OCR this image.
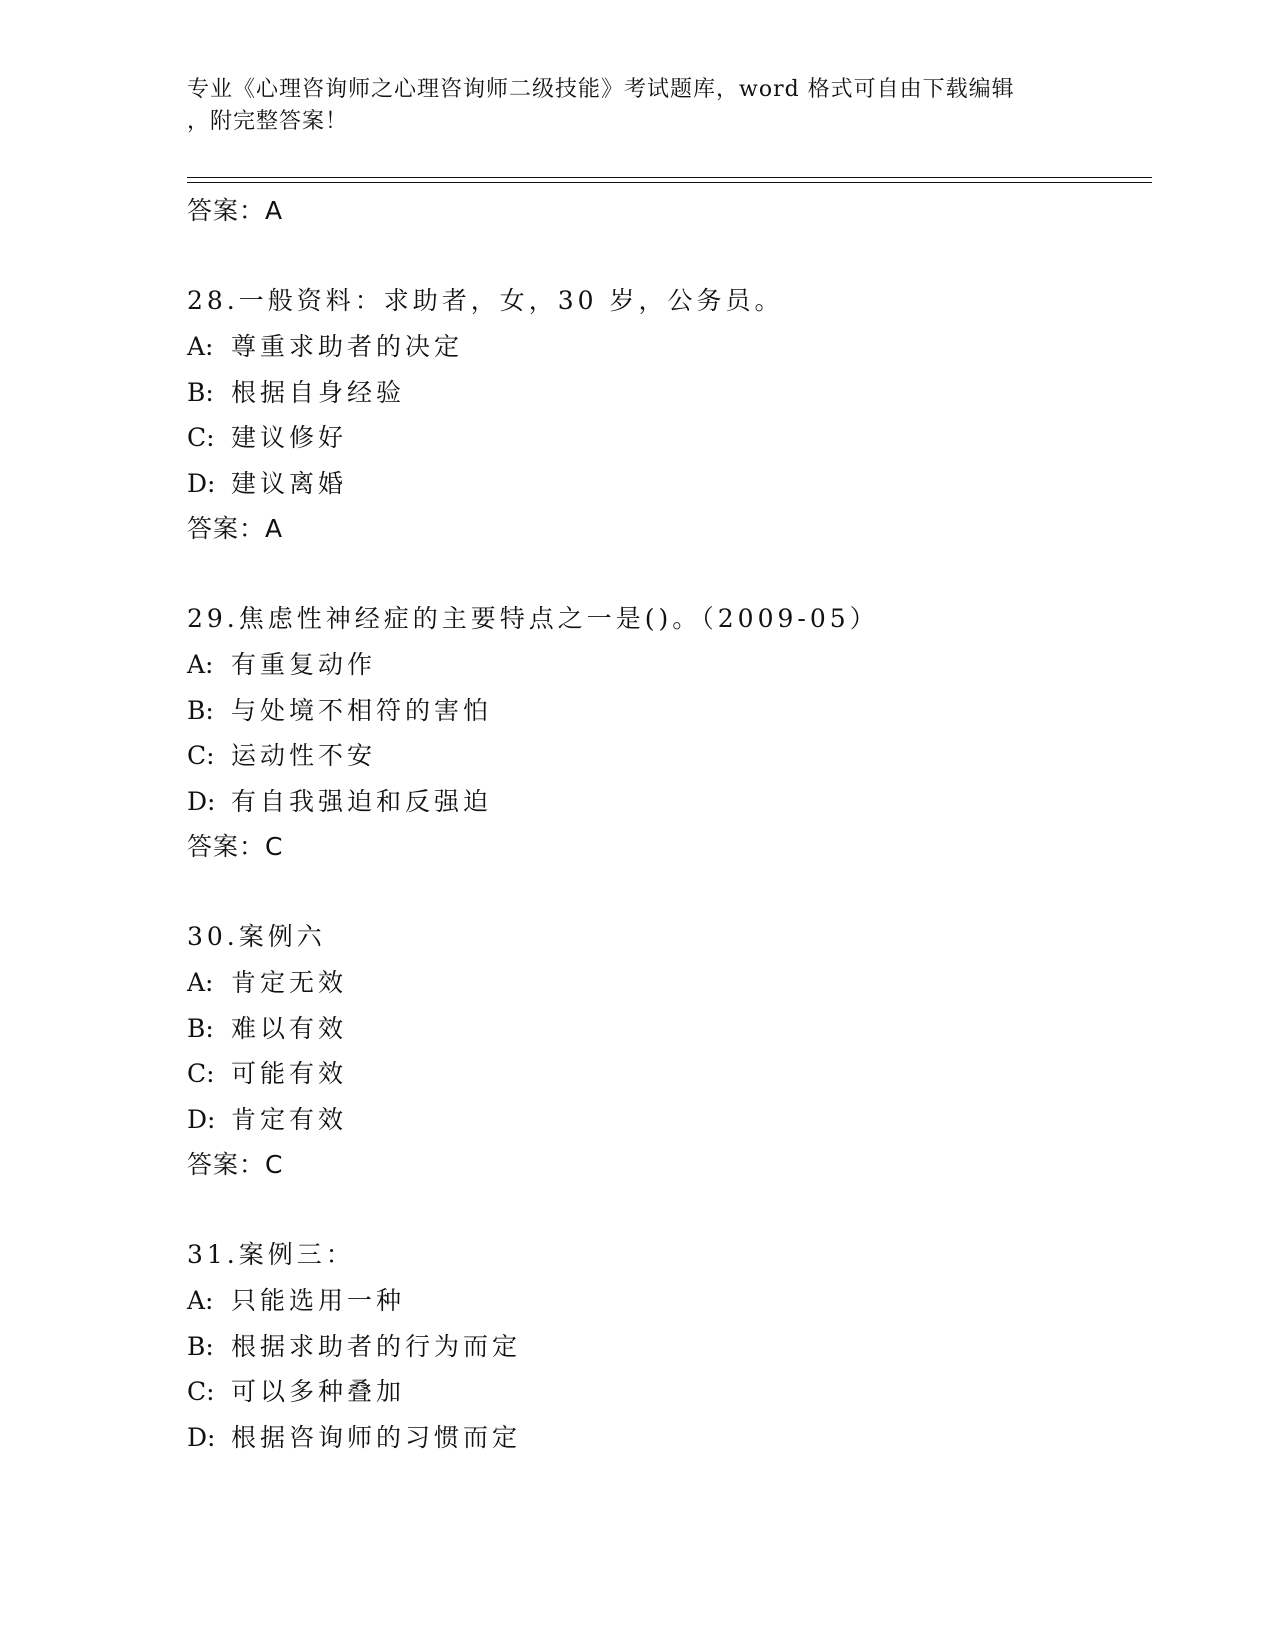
专业《心理咨询师之心理咨询师二级技能》考试题库，word 格式可自由下载编辑
，附完整答案！
答案：A
28.一般资料：求助者，女，30 岁，公务员。
A: 尊重求助者的决定
B: 根据自身经验
C: 建议修好
D: 建议离婚
答案：A
29.焦虑性神经症的主要特点之一是()。（2009-05）
A: 有重复动作
B: 与处境不相符的害怕
C: 运动性不安
D: 有自我强迫和反强迫
答案：C
30.案例六
A: 肯定无效
B: 难以有效
C: 可能有效
D: 肯定有效
答案：C
31.案例三：
A: 只能选用一种
B: 根据求助者的行为而定
C: 可以多种叠加
D: 根据咨询师的习惯而定
